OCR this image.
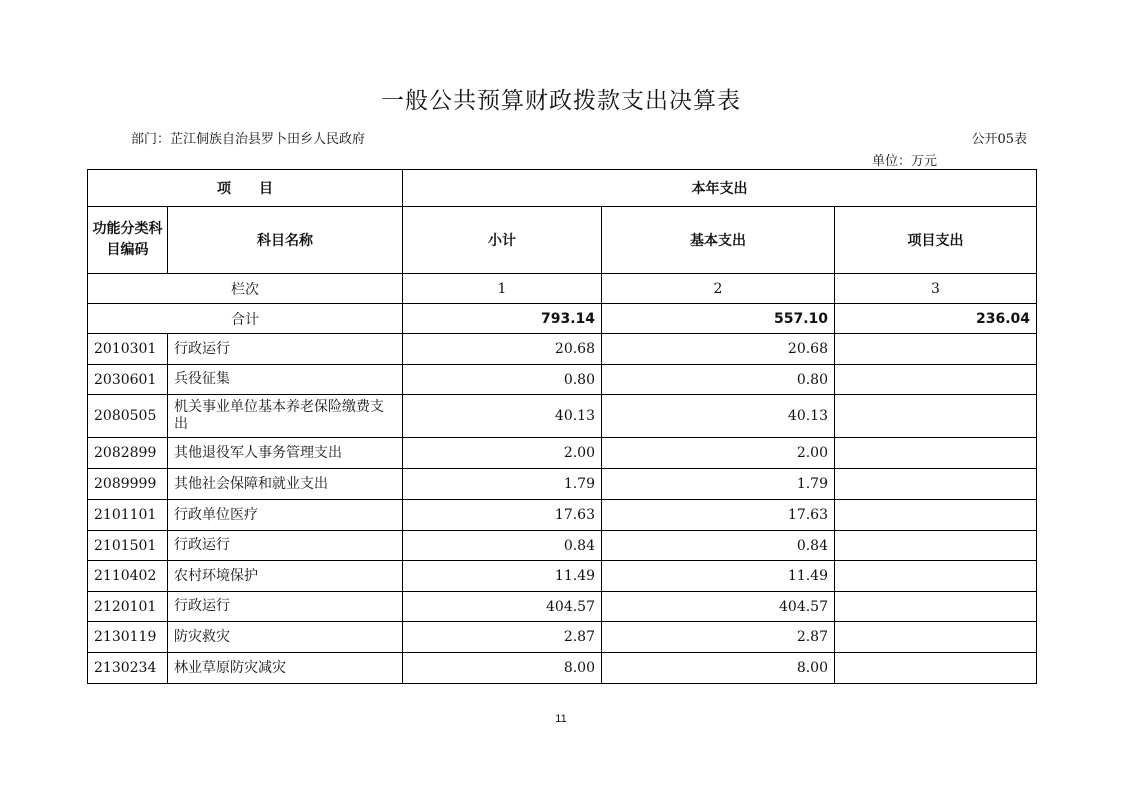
一般公共预算财政拨款支出决算表
部门：芷江侗族自治县罗卜田乡人民政府	公开05表
单位：万元
项　　目		本年支出		
功能分类科目编码	科目名称	小计	基本支出	项目支出
栏次		1	2	3
合计		793.14	557.10	236.04
2010301	行政运行	20.68	20.68	
2030601	兵役征集	0.80	0.80	
2080505	机关事业单位基本养老保险缴费支出	40.13	40.13	
2082899	其他退役军人事务管理支出	2.00	2.00	
2089999	其他社会保障和就业支出	1.79	1.79	
2101101	行政单位医疗	17.63	17.63	
2101501	行政运行	0.84	0.84	
2110402	农村环境保护	11.49	11.49	
2120101	行政运行	404.57	404.57	
2130119	防灾救灾	2.87	2.87	
2130234	林业草原防灾减灾	8.00	8.00	
11
